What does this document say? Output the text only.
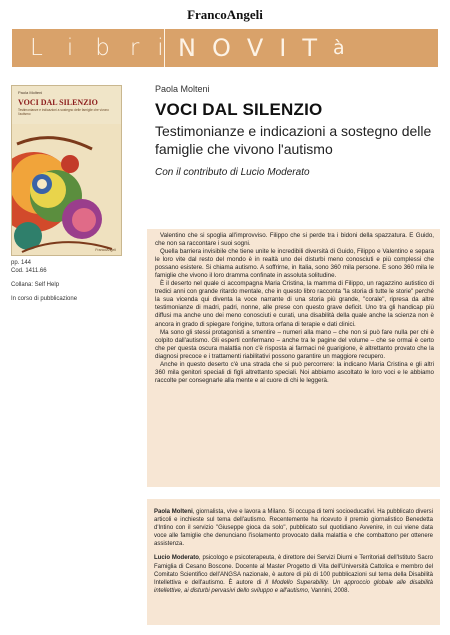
FrancoAngeli
L i b r i N O V I T à
Paola Molteni
VOCI DAL SILENZIO
Testimonianze e indicazioni a sostegno delle famiglie che vivono l'autismo
FrancoAngeli
pp. 144
Cod. 1411.66
Collana: Self Help
In corso di pubblicazione
Paola Molteni
VOCI DAL SILENZIO
Testimonianze e indicazioni a sostegno delle famiglie che vivono l'autismo
Con il contributo di Lucio Moderato

Valentino che si spoglia all'improvviso. Filippo che si perde tra i bidoni della spazzatura. E Guido, che non sa raccontare i suoi sogni.

Quella barriera invisibile che tiene unite le incredibili diversità di Guido, Filippo e Valentino e separa le loro vite dal resto del mondo è in realtà uno dei disturbi meno conosciuti e più complessi che possano esistere. Si chiama autismo. A soffrirne, in Italia, sono 360 mila persone. E sono 360 mila le famiglie che vivono il loro dramma confinate in assoluta solitudine.

È il deserto nel quale ci accompagna Maria Cristina, la mamma di Filippo, un ragazzino autistico di tredici anni con grande ritardo mentale, che in questo libro racconta "la storia di tutte le storie" perché la sua vicenda qui diventa la voce narrante di una storia più grande, "corale", ripresa da altre testimonianze di madri, padri, nonne, alle prese con questo grave deficit. Uno tra gli handicap più diffusi ma anche uno dei meno conosciuti e curati, una disabilità della quale anche la scienza non è ancora in grado di spiegare l'origine, tuttora orfana di terapie e dati clinici.

Ma sono gli stessi protagonisti a smentire – numeri alla mano – che non si può fare nulla per chi è colpito dall'autismo. Gli esperti confermano – anche tra le pagine del volume – che se ormai è certo che per questa oscura malattia non c'è risposta ai farmaci né guarigione, è altrettanto provato che la diagnosi precoce e i trattamenti riabilitativi possono garantire un maggiore recupero.

Anche in questo deserto c'è una strada che si può percorrere: la indicano Maria Cristina e gli altri 360 mila genitori speciali di figli altrettanto speciali. Noi abbiamo ascoltato le loro voci e le abbiamo raccolte per consegnarle alla mente e al cuore di chi le leggerà.

Paola Molteni, giornalista, vive e lavora a Milano. Si occupa di temi socioeducativi. Ha pubblicato diversi articoli e inchieste sul tema dell'autismo. Recentemente ha ricevuto il premio giornalistico Benedetta d'Intino con il servizio "Giuseppe gioca da solo", pubblicato sul quotidiano Avvenire, in cui viene data voce alle famiglie che denunciano l'isolamento provocato dalla malattia e che combattono per ottenere assistenza.

Lucio Moderato, psicologo e psicoterapeuta, è direttore dei Servizi Diurni e Territoriali dell'Istituto Sacro Famiglia di Cesano Boscone. Docente al Master Progetto di Vita dell'Università Cattolica e membro del Comitato Scientifico dell'ANGSA nazionale, è autore di più di 100 pubblicazioni sul tema della Disabilità Intellettiva e dell'autismo. È autore di Il Modello Superability. Un approccio globale alle disabilità intellettive, ai disturbi pervasivi dello sviluppo e all'autismo, Vannini, 2008.
